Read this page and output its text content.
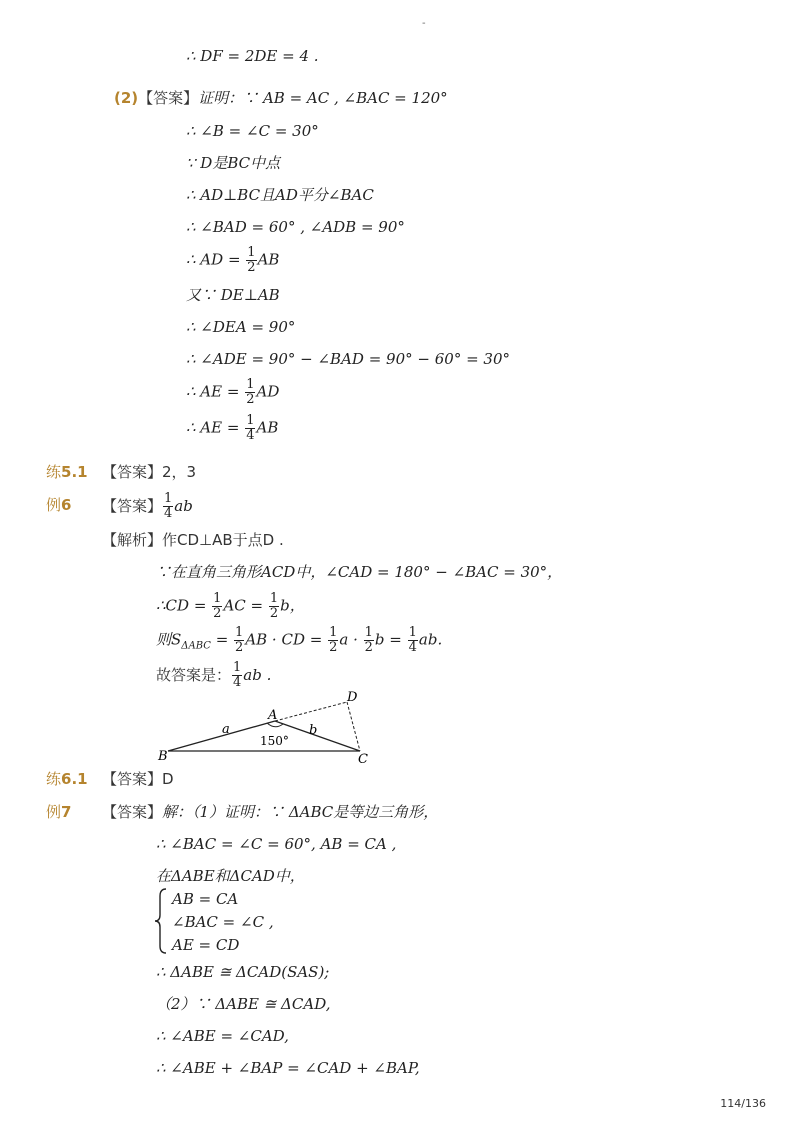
-
∴ DF = 2DE = 4 .
(2)【答案】证明：∵ AB = AC , ∠BAC = 120°
∴ ∠B = ∠C = 30°
∵ D是BC中点
∴ AD⊥BC且AD平分∠BAC
∴ ∠BAD = 60° , ∠ADB = 90°
∴ AD = $\frac{1}{2}$ AB
又∵ DE⊥AB
∴ ∠DEA = 90°
∴ ∠ADE = 90° − ∠BAD = 90° − 60° = 30°
∴ AE = $\frac{1}{2}$ AD
∴ AE = $\frac{1}{4}$ AB
练5.1 【答案】2，3
例6 【答案】 $\frac{1}{4}$ ab
【解析】作CD⊥AB于点D .
∵在直角三角形ACD中，∠CAD = 180° − ∠BAC = 30°，
∴CD = $\frac{1}{2}$ AC = $\frac{1}{2}$ b，
则$S_{\Delta ABC} = \frac{1}{2}$ AB · CD = $\frac{1}{2}$ $a \cdot \frac{1}{2}$ $b = \frac{1}{4}$ ab.
故答案是： $\frac{1}{4}$ ab .
B
A
C
D
a	b
150°
练6.1 【答案】D
例7 【答案】解：（1）证明：∵ ΔABC是等边三角形，
∴ ∠BAC = ∠C = 60°, AB = CA ,
在ΔABE和ΔCAD中，
AB = CA
∠BAC = ∠C ,
AE = CD
∴ ΔABE ≅ ΔCAD(SAS);
（2）∵ ΔABE ≅ ΔCAD,
∴ ∠ABE = ∠CAD,
∴ ∠ABE + ∠BAP = ∠CAD + ∠BAP,
114/136
